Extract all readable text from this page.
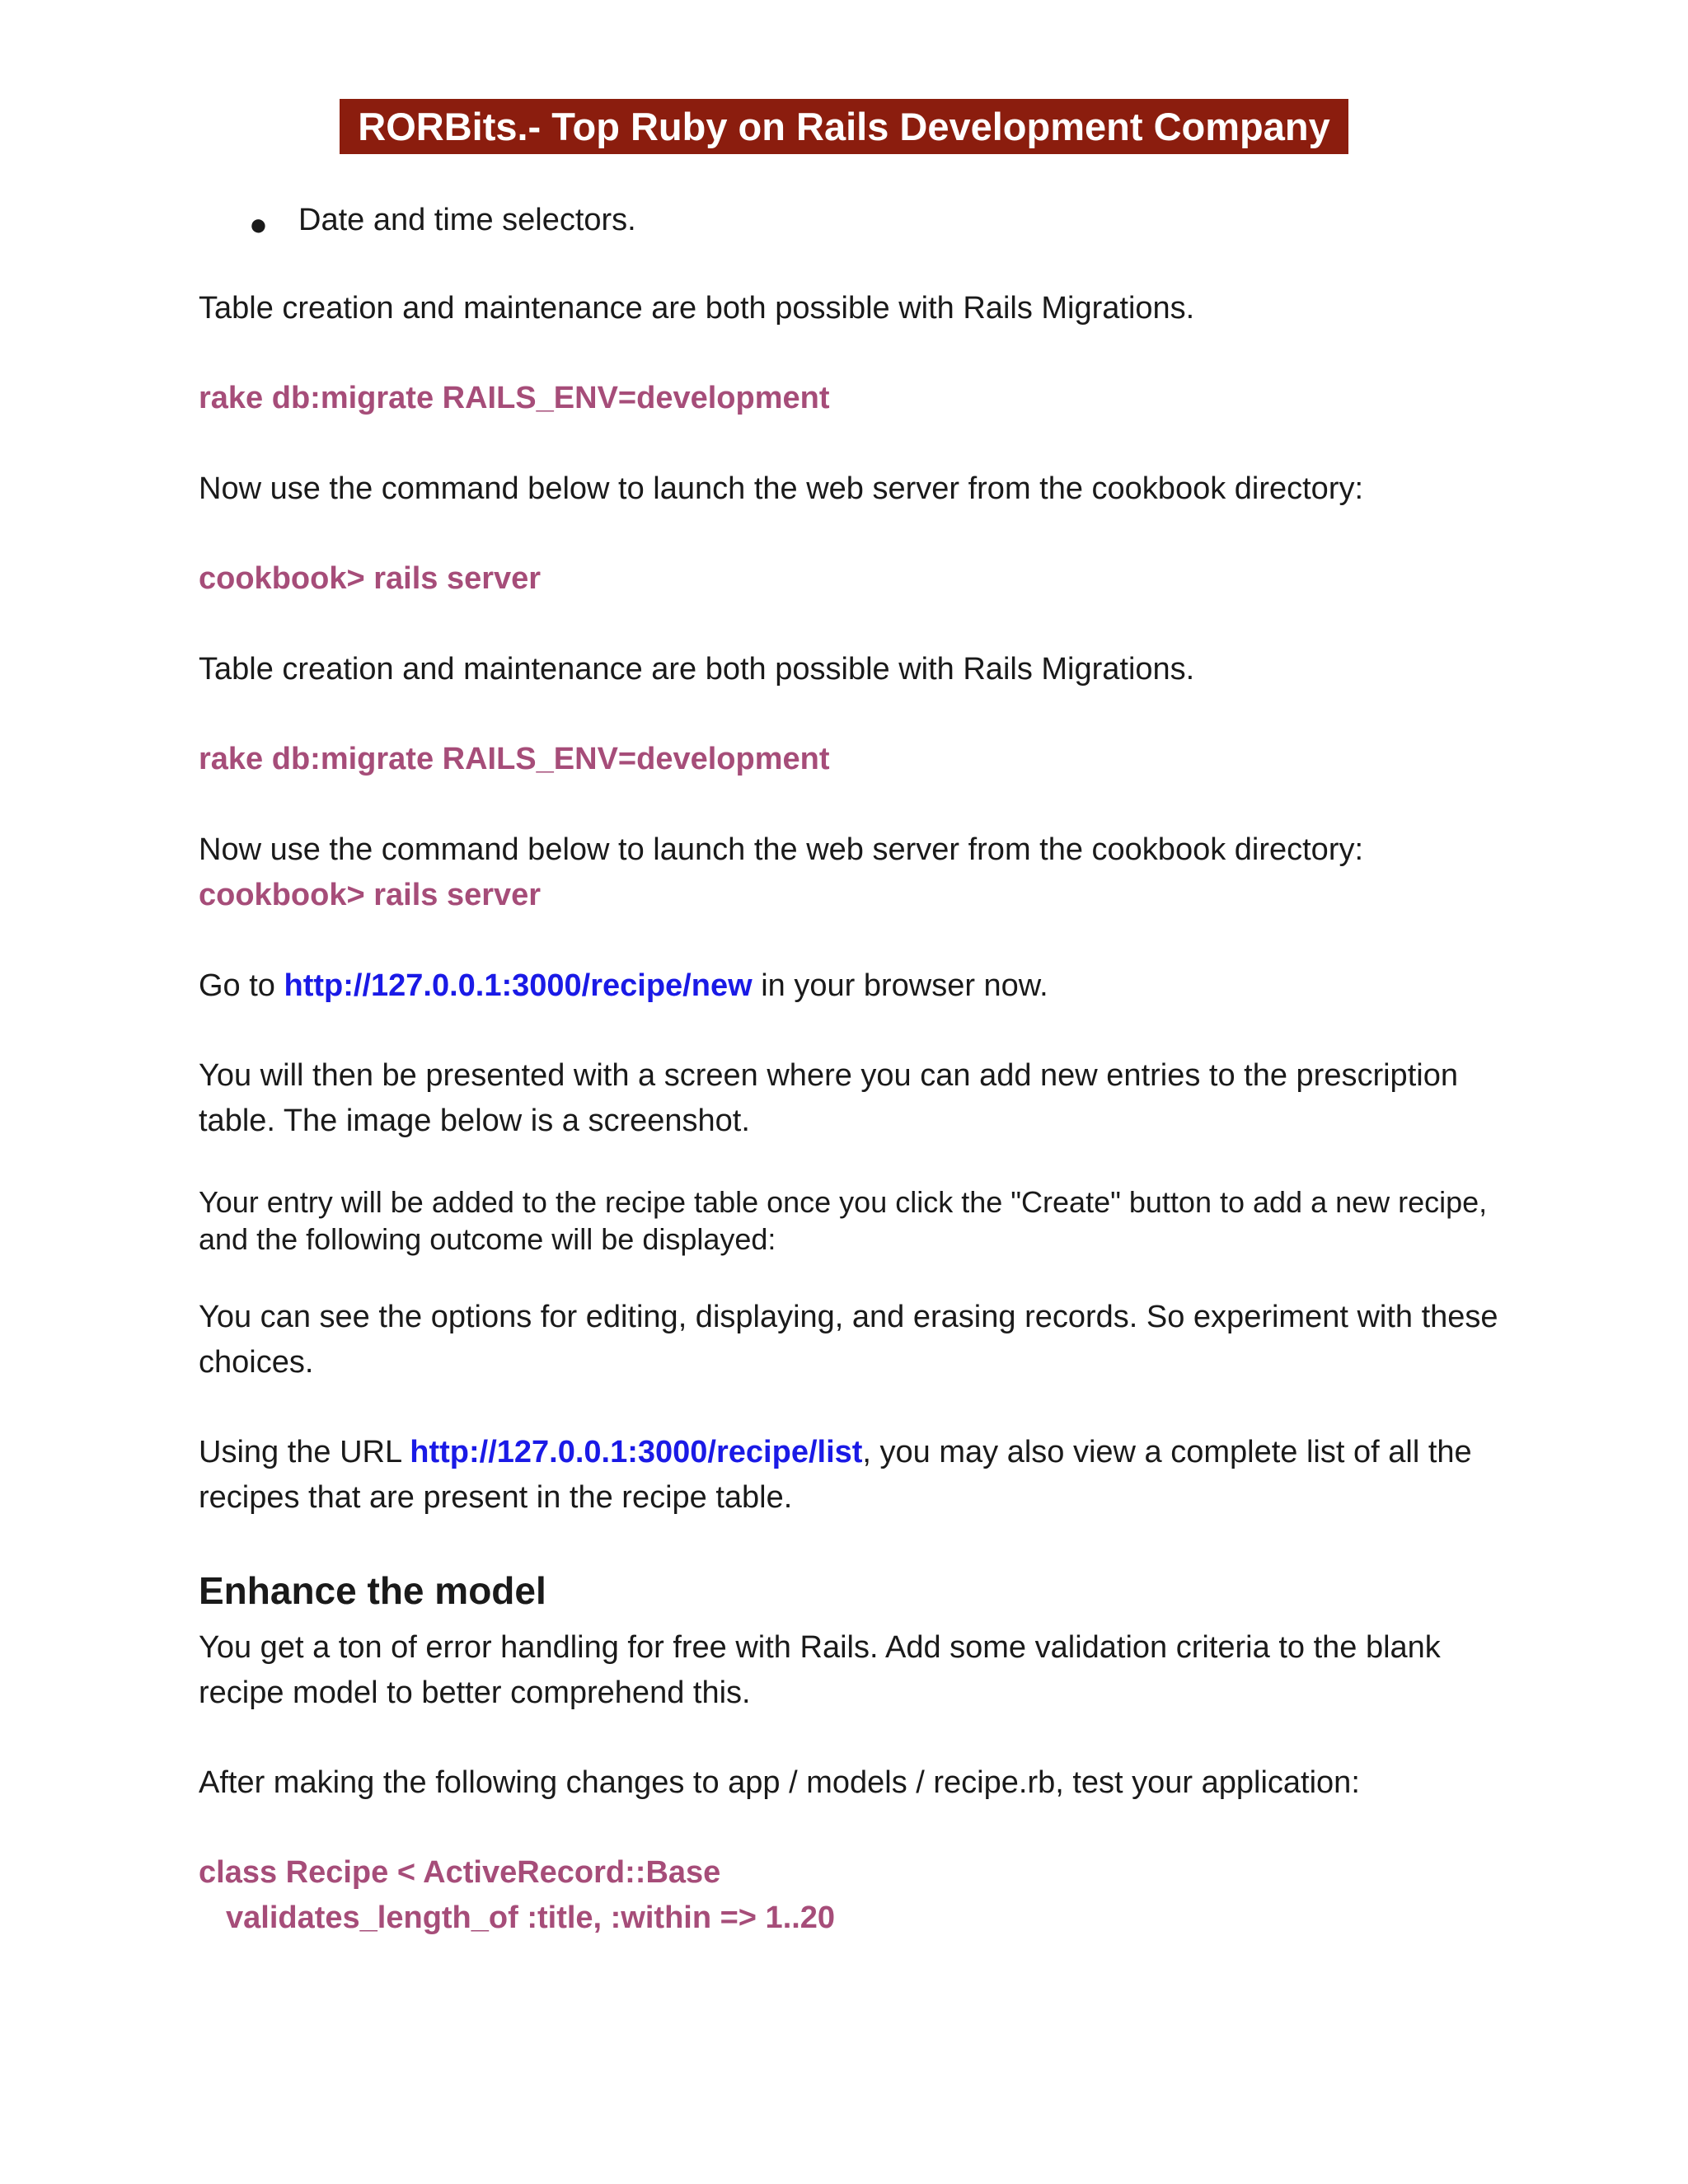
RORBits.- Top Ruby on Rails Development Company
● Date and time selectors.

Table creation and maintenance are both possible with Rails Migrations.

rake db:migrate RAILS_ENV=development

Now use the command below to launch the web server from the cookbook directory:

cookbook> rails server

Table creation and maintenance are both possible with Rails Migrations.

rake db:migrate RAILS_ENV=development

Now use the command below to launch the web server from the cookbook directory:

cookbook> rails server

Go to http://127.0.0.1:3000/recipe/new in your browser now.

You will then be presented with a screen where you can add new entries to the prescription table. The image below is a screenshot.

Your entry will be added to the recipe table once you click the "Create" button to add a new recipe, and the following outcome will be displayed:

You can see the options for editing, displaying, and erasing records. So experiment with these choices.

Using the URL http://127.0.0.1:3000/recipe/list, you may also view a complete list of all the recipes that are present in the recipe table.

Enhance the model

You get a ton of error handling for free with Rails. Add some validation criteria to the blank recipe model to better comprehend this.

After making the following changes to app / models / recipe.rb, test your application:

class Recipe < ActiveRecord::Base
validates_length_of :title, :within => 1..20
